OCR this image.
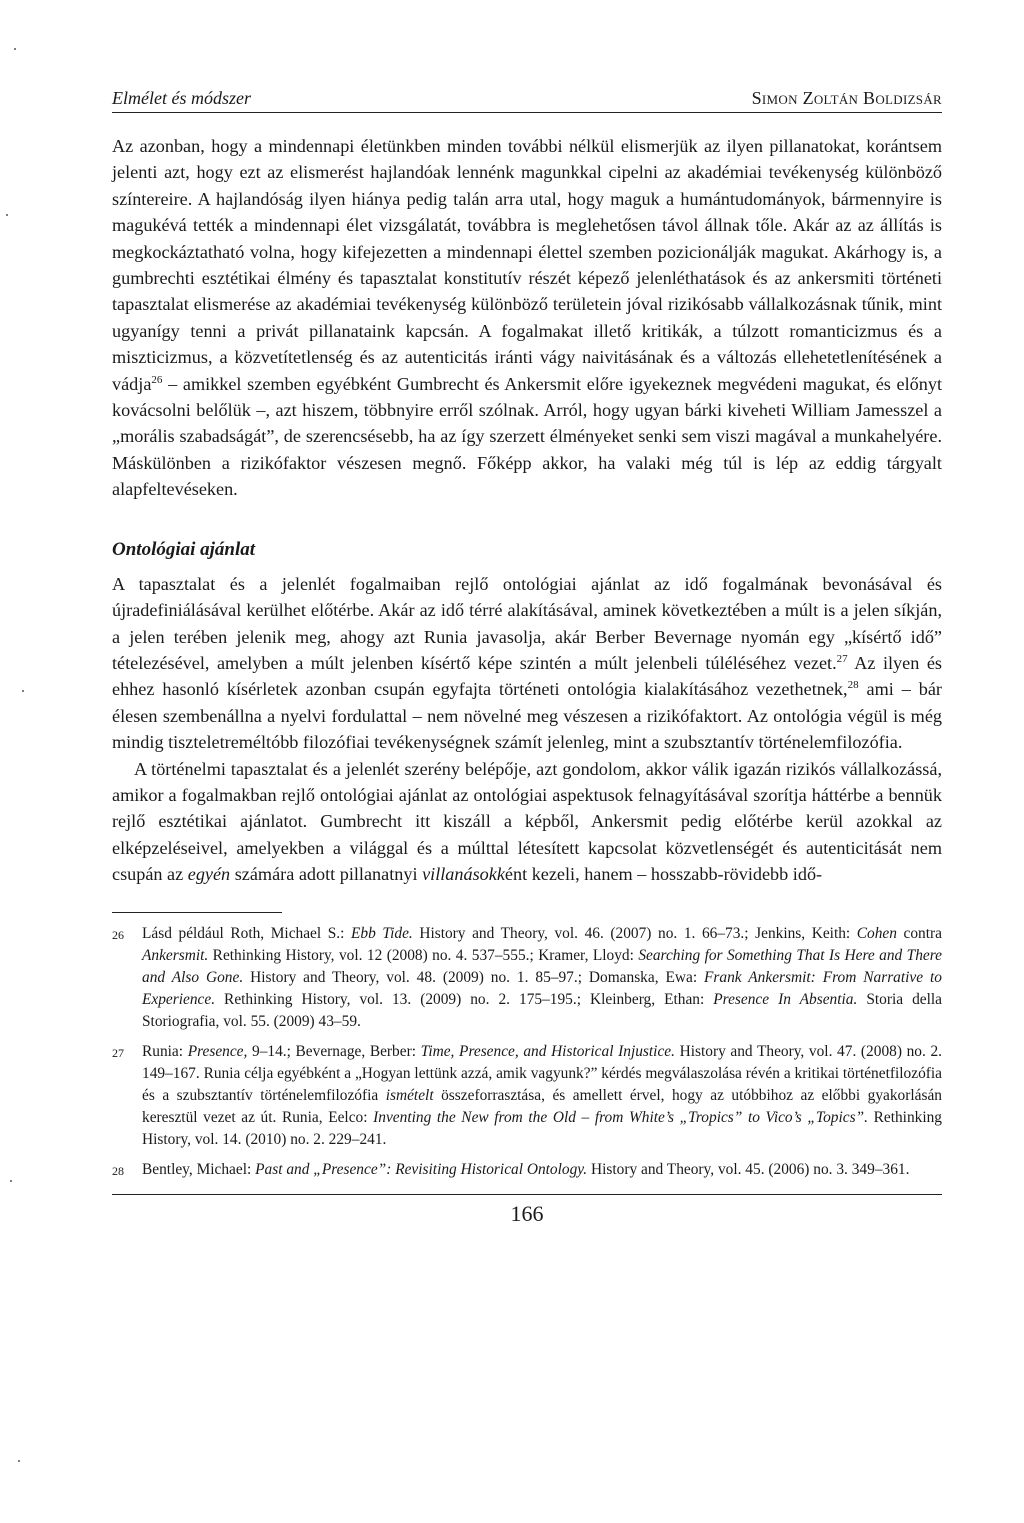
Elmélet és módszer	Simon Zoltán Boldizsár

Az azonban, hogy a mindennapi életünkben minden további nélkül elismerjük az ilyen pillanatokat, korántsem jelenti azt, hogy ezt az elismerést hajlandóak lennénk magunkkal cipelni az akadémiai tevékenység különböző színtereire. A hajlandóság ilyen hiánya pedig talán arra utal, hogy maguk a humántudományok, bármennyire is magukévá tették a mindennapi élet vizsgálatát, továbbra is meglehetősen távol állnak tőle. Akár az az állítás is megkockáztatható volna, hogy kifejezetten a mindennapi élettel szemben pozicionálják magukat. Akárhogy is, a gumbrechti esztétikai élmény és tapasztalat konstitutív részét képező jelenléthatások és az ankersmiti történeti tapasztalat elismerése az akadémiai tevékenység különböző területein jóval rizikósabb vállalkozásnak tűnik, mint ugyanígy tenni a privát pillanataink kapcsán. A fogalmakat illető kritikák, a túlzott romanticizmus és a miszticizmus, a közvetítetlenség és az autenticitás iránti vágy naivitásának és a változás ellehetetlenítésének a vádja$^{26}$ – amikkel szemben egyébként Gumbrecht és Ankersmit előre igyekeznek megvédeni magukat, és előnyt kovácsolni belőlük –, azt hiszem, többnyire erről szólnak. Arról, hogy ugyan bárki kiveheti William Jamesszel a „morális szabadságát”, de szerencsésebb, ha az így szerzett élményeket senki sem viszi magával a munkahelyére. Máskülönben a rizikófaktor vészesen megnő. Főképp akkor, ha valaki még túl is lép az eddig tárgyalt alapfeltevéseken.

Ontológiai ajánlat

A tapasztalat és a jelenlét fogalmaiban rejlő ontológiai ajánlat az idő fogalmának bevonásával és újradefiniálásával kerülhet előtérbe. Akár az idő térré alakításával, aminek következtében a múlt is a jelen síkján, a jelen terében jelenik meg, ahogy azt Runia javasolja, akár Berber Bevernage nyomán egy „kísértő idő” tételezésével, amelyben a múlt jelenben kísértő képe szintén a múlt jelenbeli túléléséhez vezet.$^{27}$ Az ilyen és ehhez hasonló kísérletek azonban csupán egyfajta történeti ontológia kialakításához vezethetnek,$^{28}$ ami – bár élesen szembenállna a nyelvi fordulattal – nem növelné meg vészesen a rizikófaktort. Az ontológia végül is még mindig tiszteletreméltóbb filozófiai tevékenységnek számít jelenleg, mint a szubsztantív történelemfilozófia.

A történelmi tapasztalat és a jelenlét szerény belépője, azt gondolom, akkor válik igazán rizikós vállalkozássá, amikor a fogalmakban rejlő ontológiai ajánlat az ontológiai aspektusok felnagyításával szorítja háttérbe a bennük rejlő esztétikai ajánlatot. Gumbrecht itt kiszáll a képből, Ankersmit pedig előtérbe kerül azokkal az elképzeléseivel, amelyekben a világgal és a múlttal létesített kapcsolat közvetlenségét és autenticitását nem csupán az egyén számára adott pillanatnyi villanásokként kezeli, hanem – hosszabb-rövidebb idő-

26	Lásd például Roth, Michael S.: Ebb Tide. History and Theory, vol. 46. (2007) no. 1. 66–73.; Jenkins, Keith: Cohen contra Ankersmit. Rethinking History, vol. 12 (2008) no. 4. 537–555.; Kramer, Lloyd: Searching for Something That Is Here and There and Also Gone. History and Theory, vol. 48. (2009) no. 1. 85–97.; Domanska, Ewa: Frank Ankersmit: From Narrative to Experience. Rethinking History, vol. 13. (2009) no. 2. 175–195.; Kleinberg, Ethan: Presence In Absentia. Storia della Storiografia, vol. 55. (2009) 43–59.
27	Runia: Presence, 9–14.; Bevernage, Berber: Time, Presence, and Historical Injustice. History and Theory, vol. 47. (2008) no. 2. 149–167. Runia célja egyébként a „Hogyan lettünk azzá, amik vagyunk?” kérdés megválaszolása révén a kritikai történetfilozófia és a szubsztantív történelemfilozófia ismételt összeforrasztása, és amellett érvel, hogy az utóbbihoz az előbbi gyakorlásán keresztül vezet az út. Runia, Eelco: Inventing the New from the Old – from White’s „Tropics” to Vico’s „Topics”. Rethinking History, vol. 14. (2010) no. 2. 229–241.
28	Bentley, Michael: Past and „Presence”: Revisiting Historical Ontology. History and Theory, vol. 45. (2006) no. 3. 349–361.
166
